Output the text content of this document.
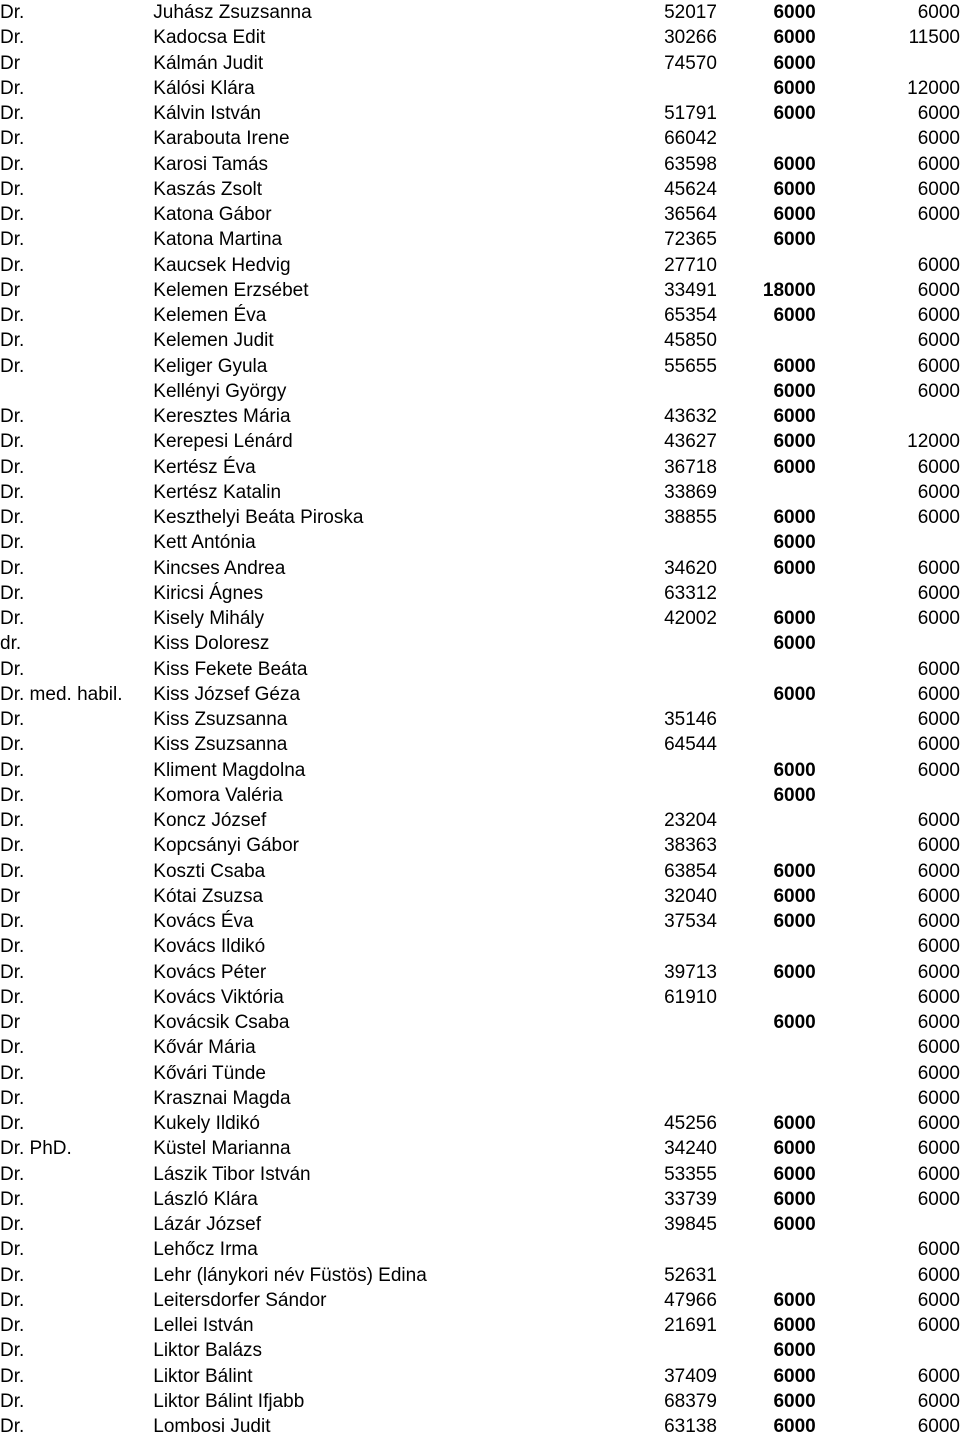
Dr.	Juhász Zsuzsanna	52017	6000	6000
Dr.	Kadocsa Edit	30266	6000	11500
Dr	Kálmán Judit	74570	6000	
Dr.	Kálósi Klára		6000	12000
Dr.	Kálvin István	51791	6000	6000
Dr.	Karabouta Irene	66042		6000
Dr.	Karosi Tamás	63598	6000	6000
Dr.	Kaszás Zsolt	45624	6000	6000
Dr.	Katona Gábor	36564	6000	6000
Dr.	Katona Martina	72365	6000	
Dr.	Kaucsek Hedvig	27710		6000
Dr	Kelemen Erzsébet	33491	18000	6000
Dr.	Kelemen Éva	65354	6000	6000
Dr.	Kelemen Judit	45850		6000
Dr.	Keliger Gyula	55655	6000	6000
	Kellényi György		6000	6000
Dr.	Keresztes Mária	43632	6000	
Dr.	Kerepesi Lénárd	43627	6000	12000
Dr.	Kertész Éva	36718	6000	6000
Dr.	Kertész Katalin	33869		6000
Dr.	Keszthelyi Beáta Piroska	38855	6000	6000
Dr.	Kett Antónia		6000	
Dr.	Kincses Andrea	34620	6000	6000
Dr.	Kiricsi Ágnes	63312		6000
Dr.	Kisely Mihály	42002	6000	6000
dr.	Kiss Doloresz		6000	
Dr.	Kiss Fekete Beáta			6000
Dr. med. habil.	Kiss József Géza		6000	6000
Dr.	Kiss Zsuzsanna	35146		6000
Dr.	Kiss Zsuzsanna	64544		6000
Dr.	Kliment Magdolna		6000	6000
Dr.	Komora Valéria		6000	
Dr.	Koncz József	23204		6000
Dr.	Kopcsányi Gábor	38363		6000
Dr.	Koszti Csaba	63854	6000	6000
Dr	Kótai Zsuzsa	32040	6000	6000
Dr.	Kovács Éva	37534	6000	6000
Dr.	Kovács Ildikó			6000
Dr.	Kovács Péter	39713	6000	6000
Dr.	Kovács Viktória	61910		6000
Dr	Kovácsik Csaba		6000	6000
Dr.	Kővár Mária			6000
Dr.	Kővári Tünde			6000
Dr.	Krasznai Magda			6000
Dr.	Kukely Ildikó	45256	6000	6000
Dr. PhD.	Küstel Marianna	34240	6000	6000
Dr.	Lászik Tibor István	53355	6000	6000
Dr.	László Klára	33739	6000	6000
Dr.	Lázár József	39845	6000	
Dr.	Lehőcz Irma			6000
Dr.	Lehr (lánykori név Füstös) Edina	52631		6000
Dr.	Leitersdorfer Sándor	47966	6000	6000
Dr.	Lellei István	21691	6000	6000
Dr.	Liktor Balázs		6000	
Dr.	Liktor Bálint	37409	6000	6000
Dr.	Liktor Bálint Ifjabb	68379	6000	6000
Dr.	Lombosi Judit	63138	6000	6000
